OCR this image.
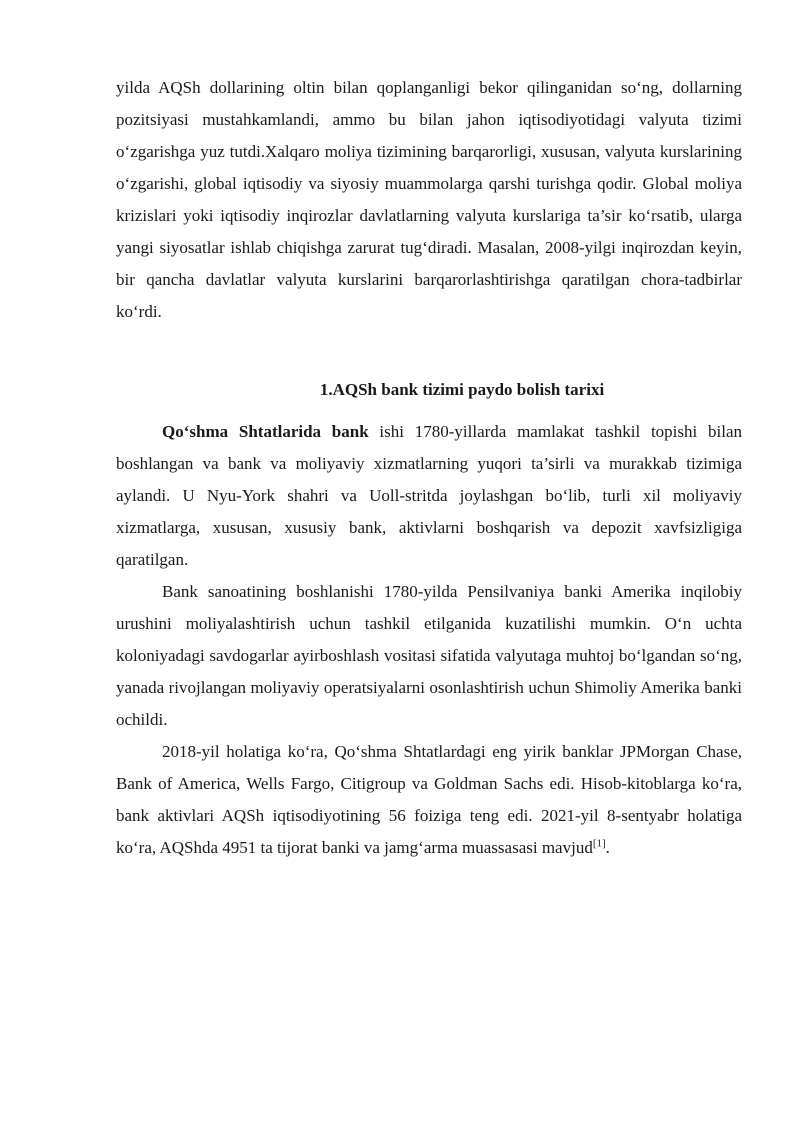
yilda AQSh dollarining oltin bilan qoplanganligi bekor qilinganidan so‘ng, dollarning pozitsiyasi mustahkamlandi, ammo bu bilan jahon iqtisodiyotidagi valyuta tizimi o‘zgarishga yuz tutdi.Xalqaro moliya tizimining barqarorligi, xususan, valyuta kurslarining o‘zgarishi, global iqtisodiy va siyosiy muammolarga qarshi turishga qodir. Global moliya krizislari yoki iqtisodiy inqirozlar davlatlarning valyuta kurslariga ta’sir ko‘rsatib, ularga yangi siyosatlar ishlab chiqishga zarurat tug‘diradi. Masalan, 2008-yilgi inqirozdan keyin, bir qancha davlatlar valyuta kurslarini barqarorlashtirishga qaratilgan chora-tadbirlar ko‘rdi.

1.AQSh bank tizimi paydo bolish tarixi

Qo‘shma Shtatlarida bank ishi 1780-yillarda mamlakat tashkil topishi bilan boshlangan va bank va moliyaviy xizmatlarning yuqori ta’sirli va murakkab tizimiga aylandi. U Nyu-York shahri va Uoll-stritda joylashgan bo‘lib, turli xil moliyaviy xizmatlarga, xususan, xususiy bank, aktivlarni boshqarish va depozit xavfsizligiga qaratilgan.

Bank sanoatining boshlanishi 1780-yilda Pensilvaniya banki Amerika inqilobiy urushini moliyalashtirish uchun tashkil etilganida kuzatilishi mumkin. O‘n uchta koloniyadagi savdogarlar ayirboshlash vositasi sifatida valyutaga muhtoj bo‘lgandan so‘ng, yanada rivojlangan moliyaviy operatsiyalarni osonlashtirish uchun Shimoliy Amerika banki ochildi.

2018-yil holatiga ko‘ra, Qo‘shma Shtatlardagi eng yirik banklar JPMorgan Chase, Bank of America, Wells Fargo, Citigroup va Goldman Sachs edi. Hisob-kitoblarga ko‘ra, bank aktivlari AQSh iqtisodiyotining 56 foiziga teng edi. 2021-yil 8-sentyabr holatiga ko‘ra, AQShda 4951 ta tijorat banki va jamg‘arma muassasasi mavjud[1].
